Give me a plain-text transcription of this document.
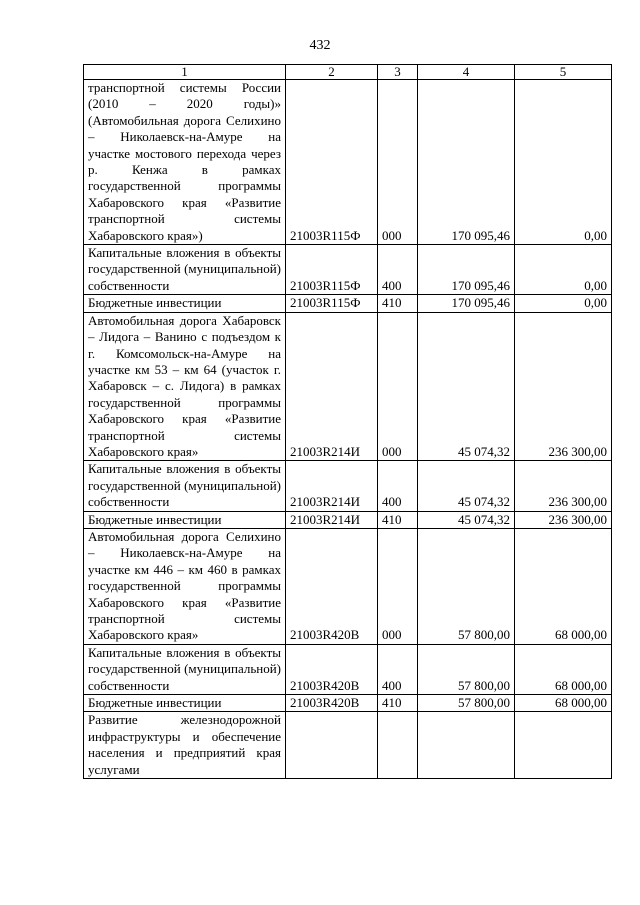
432
1	2	3	4	5
транспортной системы России (2010 – 2020 годы)» (Автомобильная дорога Селихино – Николаевск-на-Амуре на участке мостового перехода через р. Кенжа в рамках государственной программы Хабаровского края «Развитие транспортной системы Хабаровского края»)	21003R115Ф	000	170 095,46	0,00
Капитальные вложения в объекты государственной (муниципальной) собственности	21003R115Ф	400	170 095,46	0,00
Бюджетные инвестиции	21003R115Ф	410	170 095,46	0,00
Автомобильная дорога Хабаровск – Лидога – Ванино с подъездом к г. Комсомольск-на-Амуре на участке км 53 – км 64 (участок г. Хабаровск – с. Лидога) в рамках государственной программы Хабаровского края «Развитие транспортной системы Хабаровского края»	21003R214И	000	45 074,32	236 300,00
Капитальные вложения в объекты государственной (муниципальной) собственности	21003R214И	400	45 074,32	236 300,00
Бюджетные инвестиции	21003R214И	410	45 074,32	236 300,00
Автомобильная дорога Селихино – Николаевск-на-Амуре на участке км 446 – км 460 в рамках государственной программы Хабаровского края «Развитие транспортной системы Хабаровского края»	21003R420В	000	57 800,00	68 000,00
Капитальные вложения в объекты государственной (муниципальной) собственности	21003R420В	400	57 800,00	68 000,00
Бюджетные инвестиции	21003R420В	410	57 800,00	68 000,00
Развитие железнодорожной инфраструктуры и обеспечение населения и предприятий края услугами				
